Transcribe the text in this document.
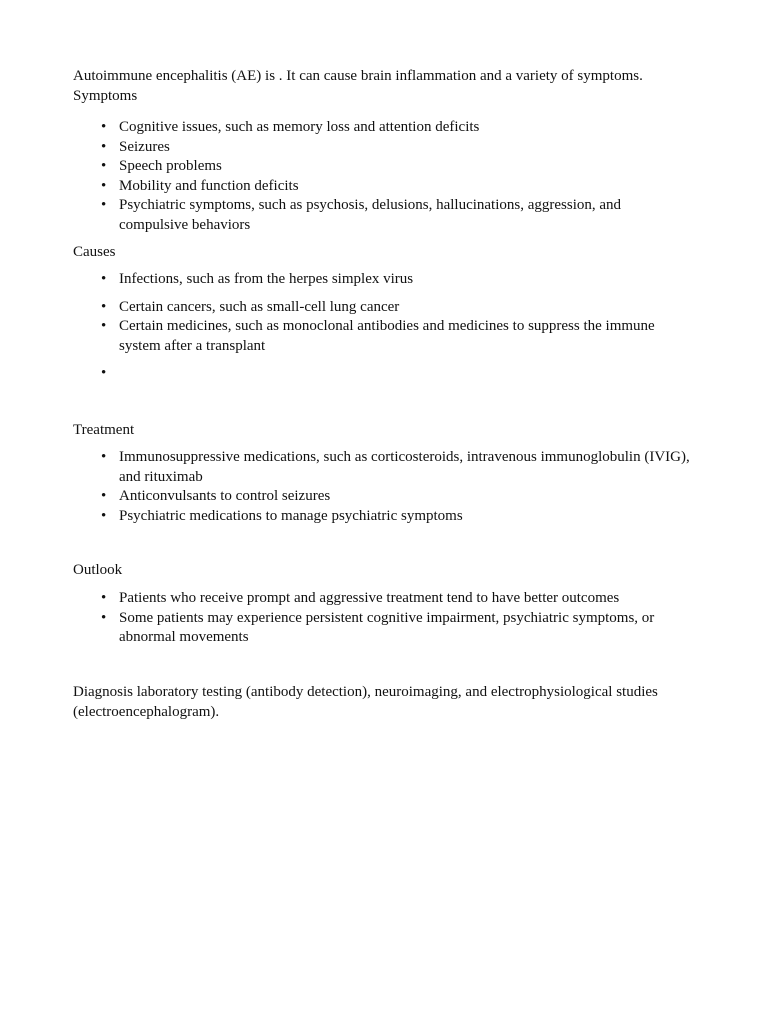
Autoimmune encephalitis (AE) is . It can cause brain inflammation and a variety of symptoms.
Symptoms
• Cognitive issues, such as memory loss and attention deficits
• Seizures
• Speech problems
• Mobility and function deficits
• Psychiatric symptoms, such as psychosis, delusions, hallucinations, aggression, and compulsive behaviors
Causes
• Infections, such as from the herpes simplex virus
• Certain cancers, such as small-cell lung cancer
• Certain medicines, such as monoclonal antibodies and medicines to suppress the immune system after a transplant
•

Treatment
• Immunosuppressive medications, such as corticosteroids, intravenous immunoglobulin (IVIG), and rituximab
• Anticonvulsants to control seizures
• Psychiatric medications to manage psychiatric symptoms
Outlook
• Patients who receive prompt and aggressive treatment tend to have better outcomes
• Some patients may experience persistent cognitive impairment, psychiatric symptoms, or abnormal movements
Diagnosis laboratory testing (antibody detection), neuroimaging, and electrophysiological studies (electroencephalogram).
